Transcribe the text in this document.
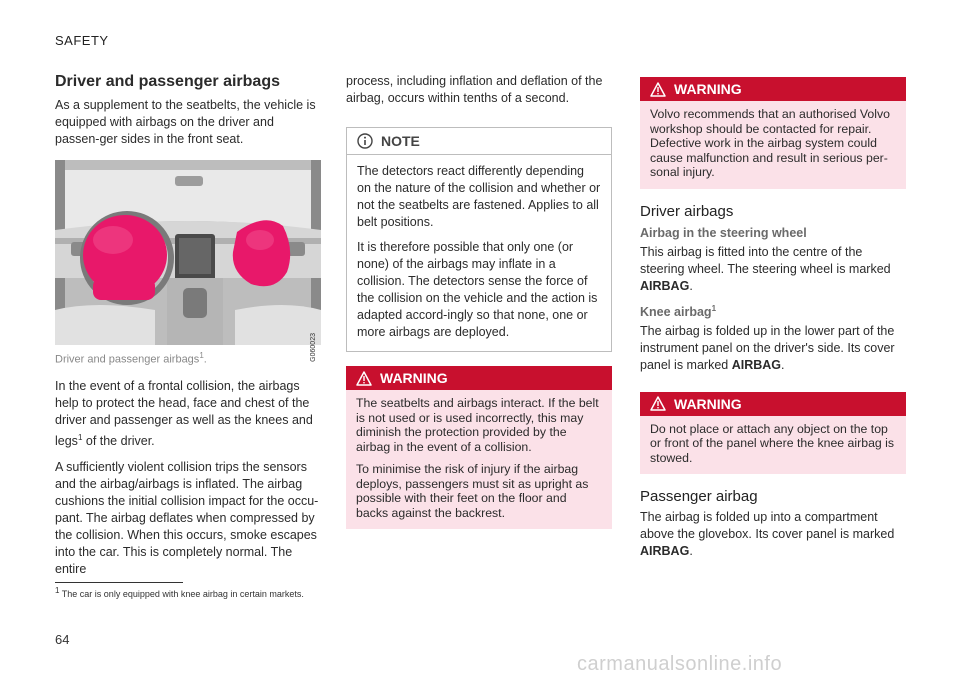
SAFETY
Driver and passenger airbags

As a supplement to the seatbelts, the vehicle is equipped with airbags on the driver and passen-ger sides in the front seat.

G060023
Driver and passenger airbags$^1$.

In the event of a frontal collision, the airbags help to protect the head, face and chest of the driver and passenger as well as the knees and legs$^1$ of the driver.

A sufficiently violent collision trips the sensors and the airbag/airbags is inflated. The airbag cushions the initial collision impact for the occu-pant. The airbag deflates when compressed by the collision. When this occurs, smoke escapes into the car. This is completely normal. The entire

process, including inflation and deflation of the airbag, occurs within tenths of a second.

NOTE

The detectors react differently depending on the nature of the collision and whether or not the seatbelts are fastened. Applies to all belt positions.

It is therefore possible that only one (or none) of the airbags may inflate in a collision. The detectors sense the force of the collision on the vehicle and the action is adapted accord-ingly so that none, one or more airbags are deployed.

WARNING

The seatbelts and airbags interact. If the belt is not used or is used incorrectly, this may diminish the protection provided by the airbag in the event of a collision.

To minimise the risk of injury if the airbag deploys, passengers must sit as upright as possible with their feet on the floor and backs against the backrest.

WARNING

Volvo recommends that an authorised Volvo workshop should be contacted for repair. Defective work in the airbag system could cause malfunction and result in serious per-sonal injury.

Driver airbags
Airbag in the steering wheel

This airbag is fitted into the centre of the steering wheel. The steering wheel is marked AIRBAG.

Knee airbag$^1$

The airbag is folded up in the lower part of the instrument panel on the driver's side. Its cover panel is marked AIRBAG.

WARNING

Do not place or attach any object on the top or front of the panel where the knee airbag is stowed.

Passenger airbag

The airbag is folded up into a compartment above the glovebox. Its cover panel is marked AIRBAG.

$^1$ The car is only equipped with knee airbag in certain markets.
64
carmanualsonline.info
